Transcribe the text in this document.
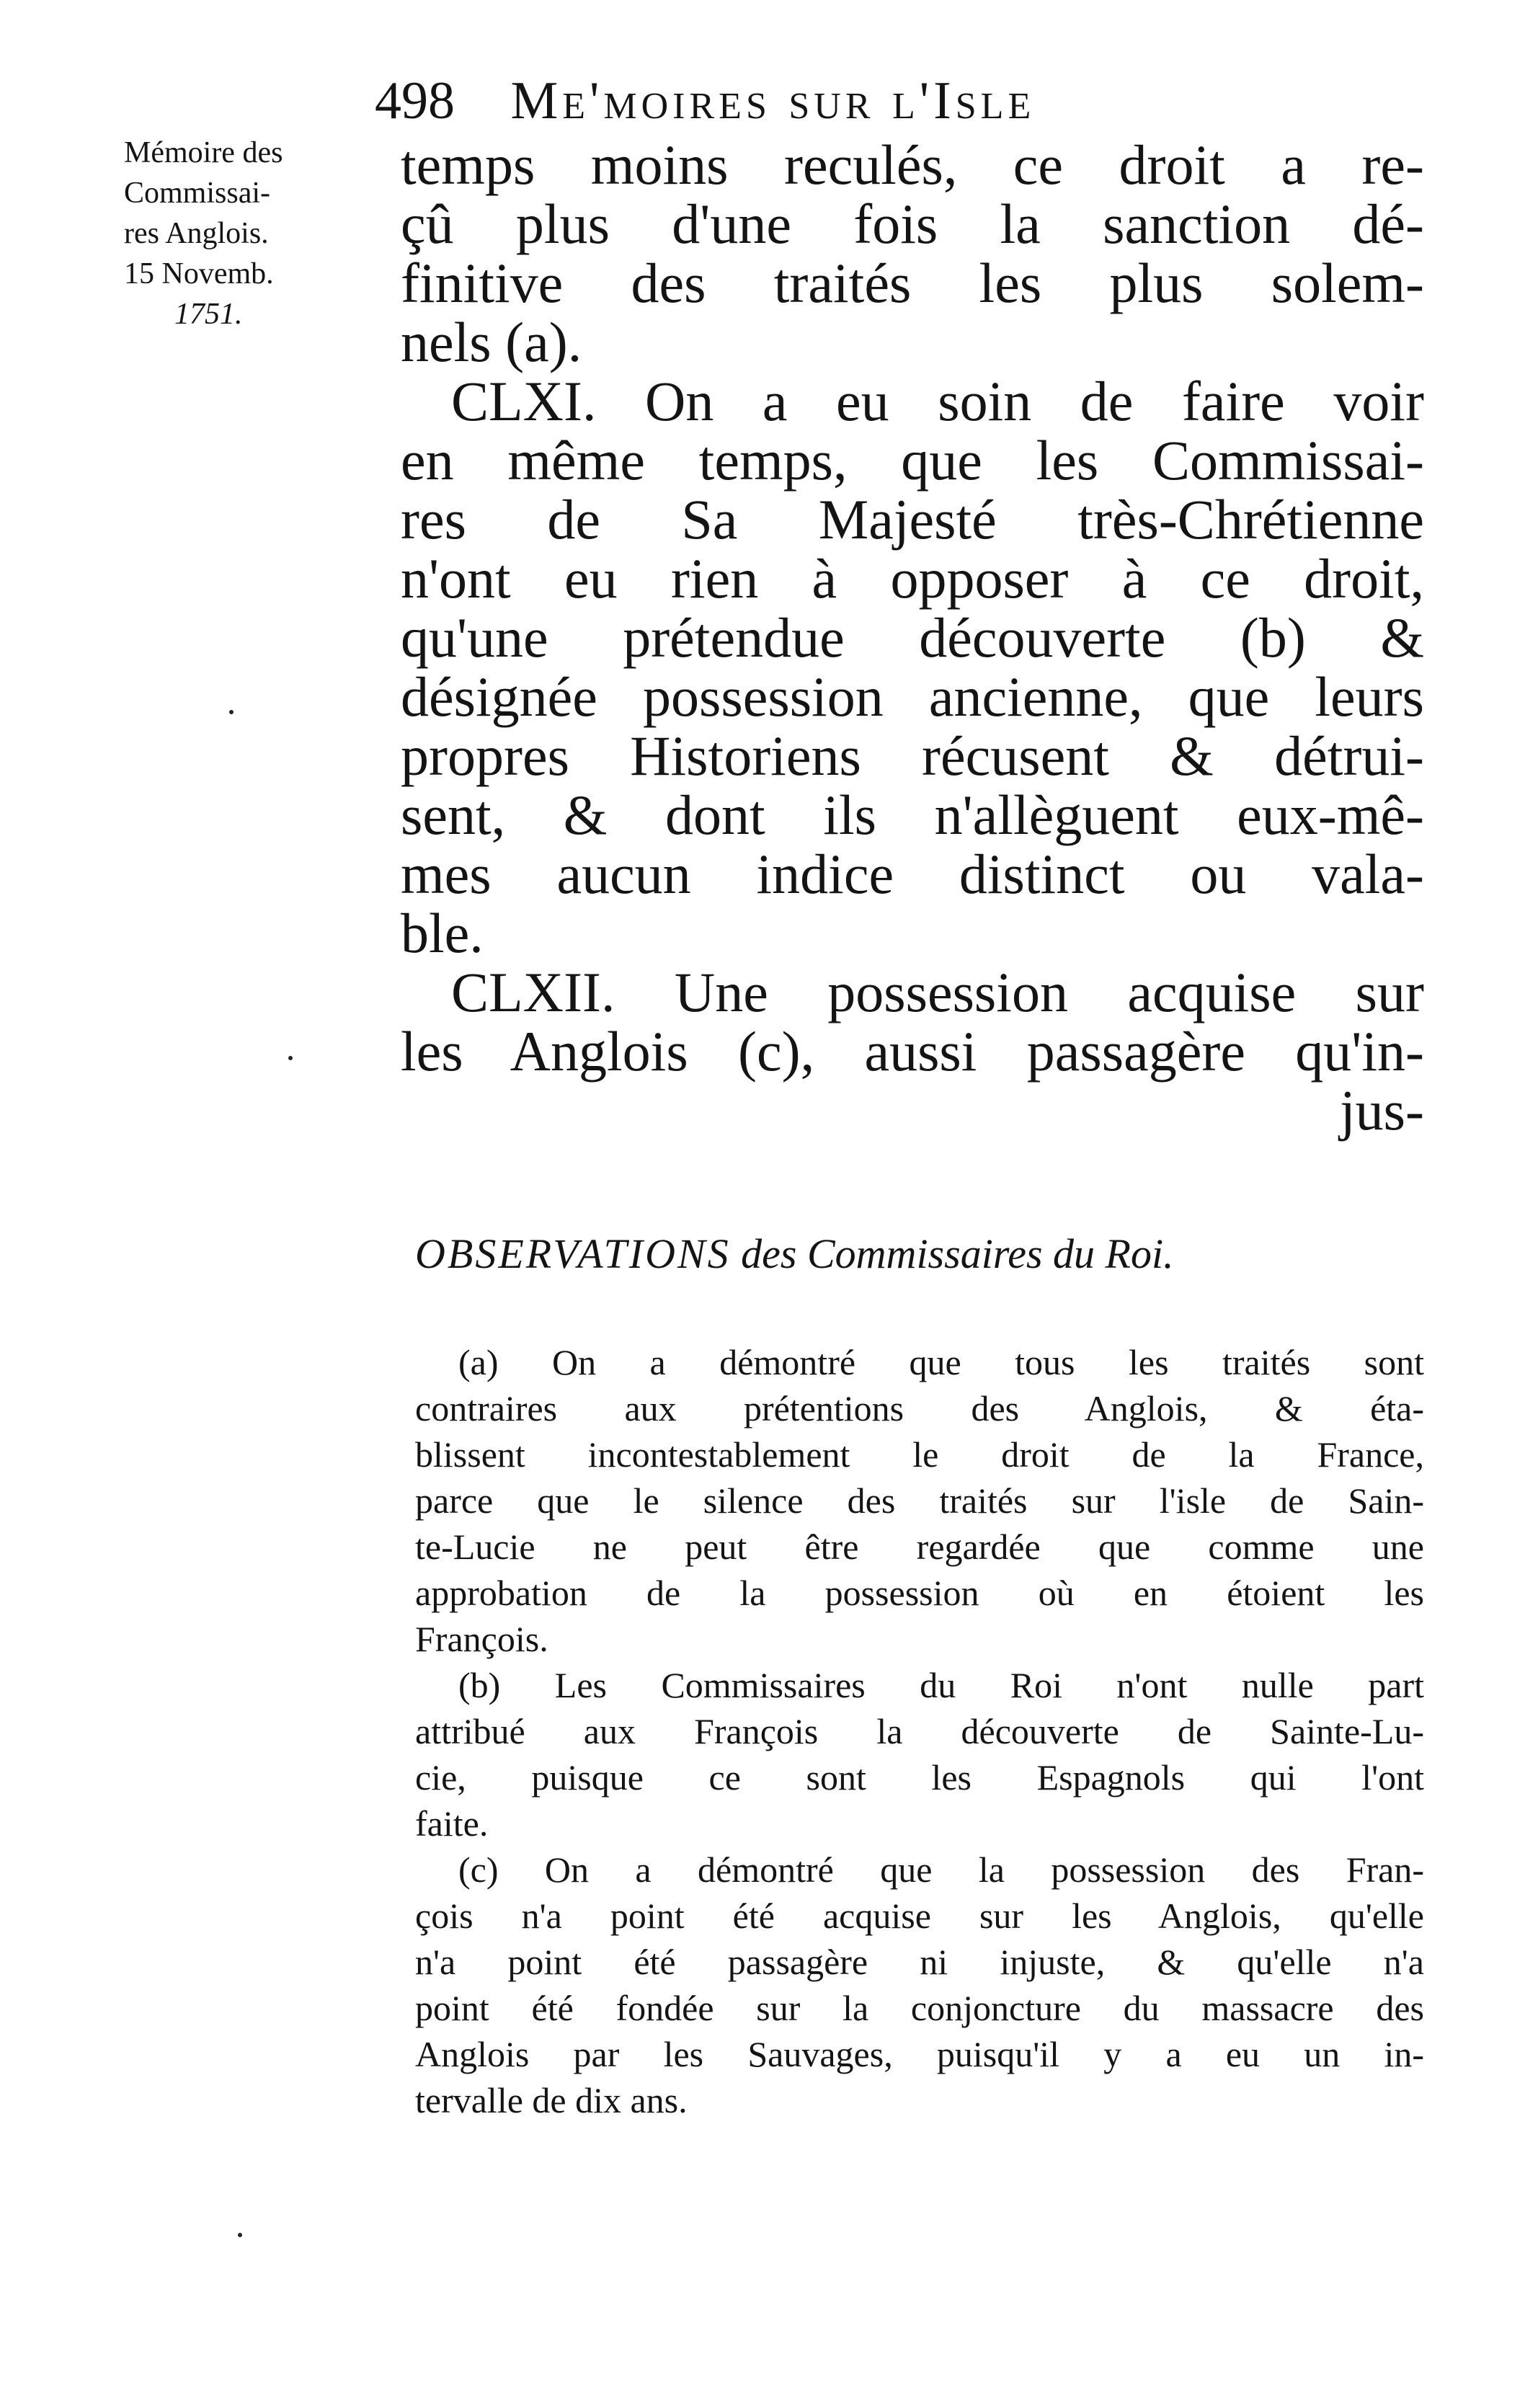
498 Me'moires sur l'Isle
Mémoire des
Commissai-
res Anglois.
15 Novemb.
1751.
temps moins reculés, ce droit a re-
çû plus d'une fois la sanction dé-
finitive des traités les plus solem-
nels (a).
CLXI. On a eu soin de faire voir
en même temps, que les Commissai-
res de Sa Majesté très-Chrétienne
n'ont eu rien à opposer à ce droit,
qu'une prétendue découverte (b) &
désignée possession ancienne, que leurs
propres Historiens récusent & détrui-
sent, & dont ils n'allèguent eux-mê-
mes aucun indice distinct ou vala-
ble.
CLXII. Une possession acquise sur
les Anglois (c), aussi passagère qu'in-
jus-
OBSERVATIONS des Commissaires du Roi.
(a) On a démontré que tous les traités sont
contraires aux prétentions des Anglois, & éta-
blissent incontestablement le droit de la France,
parce que le silence des traités sur l'isle de Sain-
te-Lucie ne peut être regardée que comme une
approbation de la possession où en étoient les
François.
(b) Les Commissaires du Roi n'ont nulle part
attribué aux François la découverte de Sainte-Lu-
cie, puisque ce sont les Espagnols qui l'ont
faite.
(c) On a démontré que la possession des Fran-
çois n'a point été acquise sur les Anglois, qu'elle
n'a point été passagère ni injuste, & qu'elle n'a
point été fondée sur la conjoncture du massacre des
Anglois par les Sauvages, puisqu'il y a eu un in-
tervalle de dix ans.
